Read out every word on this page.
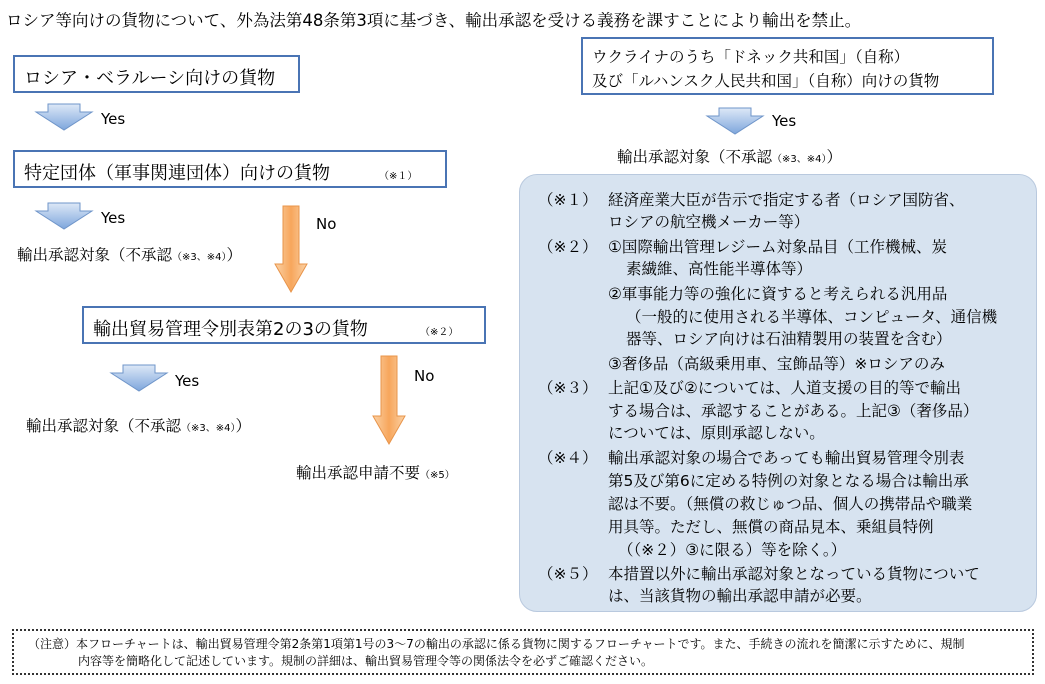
ロシア等向けの貨物について、外為法第48条第3項に基づき、輸出承認を受ける義務を課すことにより輸出を禁止。
ロシア・ベラルーシ向けの貨物
Yes
特定団体（軍事関連団体）向けの貨物	（※１）
Yes
輸出承認対象（不承認（※3、※4））
No
輸出貿易管理令別表第2の3の貨物	（※２）
Yes
輸出承認対象（不承認（※3、※4））
No
輸出承認申請不要（※5）
ウクライナのうち「ドネック共和国」（自称）
及び「ルハンスク人民共和国」（自称）向けの貨物
Yes
輸出承認対象（不承認（※3、※4））
（※１） 経済産業大臣が告示で指定する者（ロシア国防省、
ロシアの航空機メーカー等）
（※２） ①国際輸出管理レジーム対象品目（工作機械、炭
素繊維、高性能半導体等）
②軍事能力等の強化に資すると考えられる汎用品
（一般的に使用される半導体、コンピュータ、通信機
器等、ロシア向けは石油精製用の装置を含む）
③奢侈品（高級乗用車、宝飾品等）※ロシアのみ
（※３） 上記①及び②については、人道支援の目的等で輸出
する場合は、承認することがある。上記③（奢侈品）
については、原則承認しない。
（※４） 輸出承認対象の場合であっても輸出貿易管理令別表
第5及び第6に定める特例の対象となる場合は輸出承
認は不要。（無償の救じゅつ品、個人の携帯品や職業
用具等。ただし、無償の商品見本、乗組員特例
（（※２）③に限る）等を除く。）
（※５） 本措置以外に輸出承認対象となっている貨物について
は、当該貨物の輸出承認申請が必要。
（注意）本フローチャートは、輸出貿易管理令第2条第1項第1号の3～7の輸出の承認に係る貨物に関するフローチャートです。また、手続きの流れを簡潔に示すために、規制
内容等を簡略化して記述しています。規制の詳細は、輸出貿易管理令等の関係法令を必ずご確認ください。
